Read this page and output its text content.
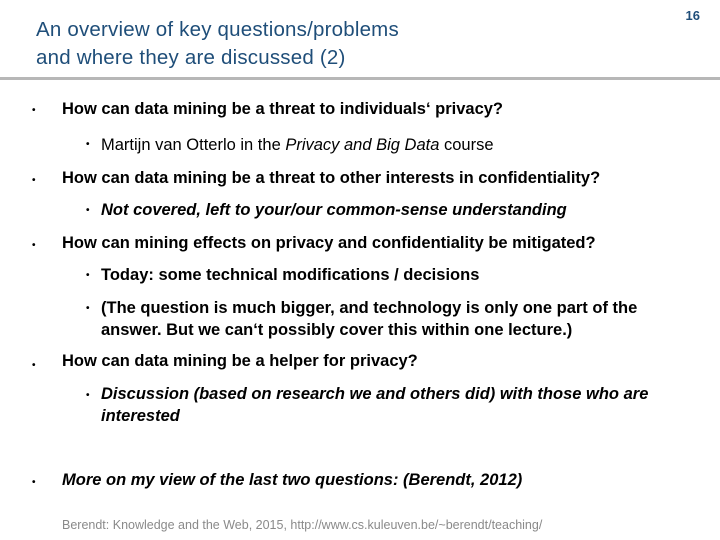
An overview of key questions/problems
and where they are discussed (2)
16
• How can data mining be a threat to individuals‘ privacy?
• Martijn van Otterlo in the Privacy and Big Data course
• How can data mining be a threat to other interests in confidentiality?
• Not covered, left to your/our common-sense understanding
• How can mining effects on privacy and confidentiality be mitigated?
• Today: some technical modifications / decisions
• (The question is much bigger, and technology is only one part of the
answer. But we can‘t possibly cover this within one lecture.)
• How can data mining be a helper for privacy?
• Discussion (based on research we and others did) with those who are
interested
• More on my view of the last two questions: (Berendt, 2012)
Berendt: Knowledge and the Web, 2015, http://www.cs.kuleuven.be/~berendt/teaching/
